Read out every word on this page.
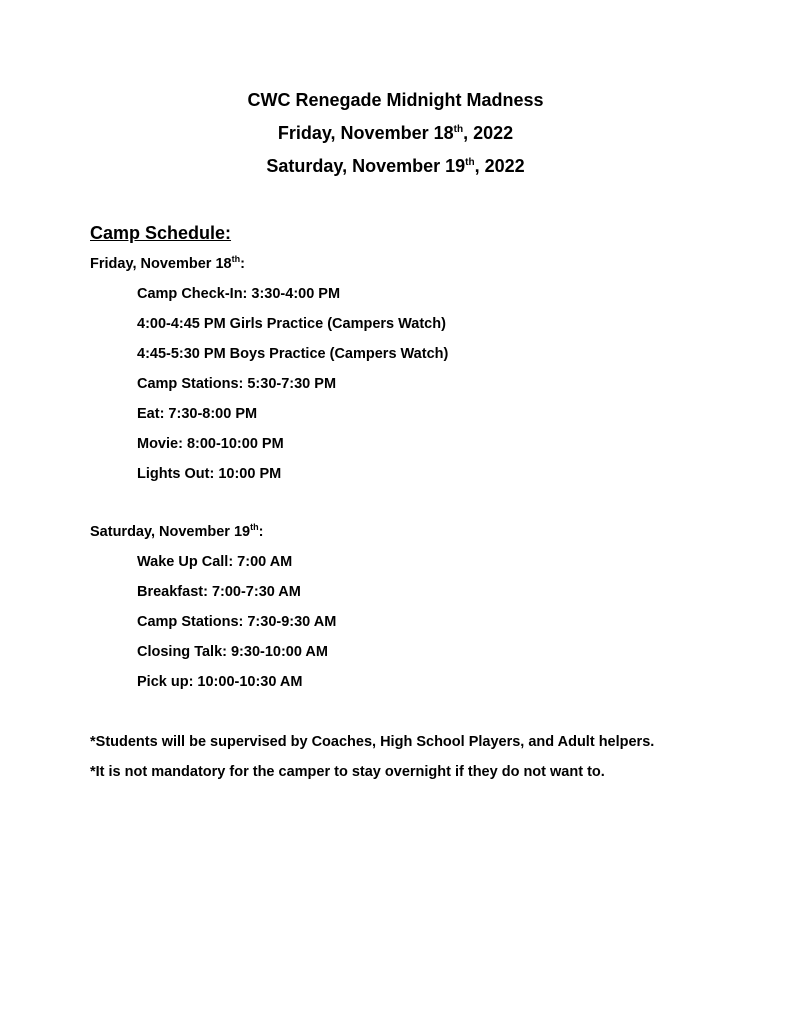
CWC Renegade Midnight Madness
Friday, November 18th, 2022
Saturday, November 19th, 2022
Camp Schedule:

Friday, November 18th:

Camp Check-In: 3:30-4:00 PM
4:00-4:45 PM Girls Practice (Campers Watch)
4:45-5:30 PM Boys Practice (Campers Watch)
Camp Stations: 5:30-7:30 PM
Eat: 7:30-8:00 PM
Movie: 8:00-10:00 PM
Lights Out: 10:00 PM

Saturday, November 19th:

Wake Up Call: 7:00 AM
Breakfast: 7:00-7:30 AM
Camp Stations: 7:30-9:30 AM
Closing Talk: 9:30-10:00 AM
Pick up: 10:00-10:30 AM

*Students will be supervised by Coaches, High School Players, and Adult helpers.

*It is not mandatory for the camper to stay overnight if they do not want to.
